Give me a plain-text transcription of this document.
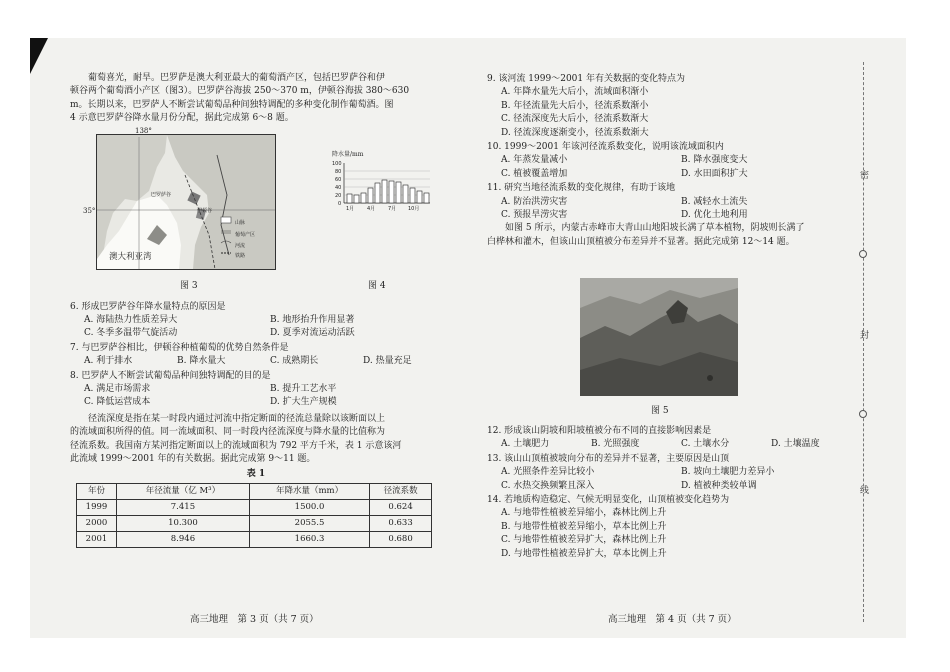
葡萄喜光，耐旱。巴罗萨是澳大利亚最大的葡萄酒产区，包括巴罗萨谷和伊

顿谷两个葡萄酒小产区（图3）。巴罗萨谷海拔 250～370 m，伊顿谷海拔 380～630

m。长期以来，巴罗萨人不断尝试葡萄品种间独特调配的多种变化制作葡萄酒。图

4 示意巴罗萨谷降水量月份分配，据此完成第 6～8 题。

138°
35°
澳大利亚湾
巴罗萨谷
伊顿谷
山脉
葡萄产区
河流
铁路
降水量/mm
100
80
60
40
20
0
1月	4月	7月 10月
图 3	图 4

6. 形成巴罗萨谷年降水量特点的原因是

A. 海陆热力性质差异大	B. 地形抬升作用显著
C. 冬季多温带气旋活动	D. 夏季对流运动活跃

7. 与巴罗萨谷相比，伊顿谷种植葡萄的优势自然条件是

A. 利于排水	B. 降水量大	C. 成熟期长	D. 热量充足

8. 巴罗萨人不断尝试葡萄品种间独特调配的目的是

A. 满足市场需求	B. 提升工艺水平
C. 降低运营成本	D. 扩大生产规模

径流深度是指在某一时段内通过河流中指定断面的径流总量除以该断面以上

的流域面积所得的值。同一流域面积、同一时段内径流深度与降水量的比值称为

径流系数。我国南方某河指定断面以上的流域面积为 792 平方千米，表 1 示意该河

此流域 1999～2001 年的有关数据。据此完成第 9～11 题。

表 1

年份	年径流量（亿 M³）	年降水量（mm）	径流系数
1999	7.415	1500.0	0.624
2000	10.300	2055.5	0.633
2001	8.946	1660.3	0.680
高三地理　第 3 页（共 7 页）

9. 该河流 1999～2001 年有关数据的变化特点为

A. 年降水量先大后小，流域面积渐小
B. 年径流量先大后小，径流系数渐小
C. 径流深度先大后小，径流系数渐大
D. 径流深度逐渐变小，径流系数渐大

10. 1999～2001 年该河径流系数变化，说明该流域面积内

A. 年蒸发量减小	B. 降水强度变大
C. 植被覆盖增加	D. 水田面积扩大

11. 研究当地径流系数的变化规律，有助于该地

A. 防治洪涝灾害	B. 减轻水土流失
C. 预报旱涝灾害	D. 优化土地利用

如图 5 所示，内蒙古赤峰市大青山山地阳坡长满了草本植物，阴坡则长满了

白桦林和灌木，但该山山顶植被分布差异并不显著。据此完成第 12～14 题。

图 5

12. 形成该山阴坡和阳坡植被分布不同的直接影响因素是

A. 土壤肥力	B. 光照强度	C. 土壤水分	D. 土壤温度

13. 该山山顶植被坡向分布的差异并不显著，主要原因是山顶

A. 光照条件差异比较小	B. 坡向土壤肥力差异小
C. 水热交换频繁且深入	D. 植被种类较单调

14. 若地质构造稳定、气候无明显变化，山顶植被变化趋势为

A. 与地带性植被差异缩小，森林比例上升
B. 与地带性植被差异缩小，草本比例上升
C. 与地带性植被差异扩大，森林比例上升
D. 与地带性植被差异扩大，草本比例上升
高三地理　第 4 页（共 7 页）
密
封
线
